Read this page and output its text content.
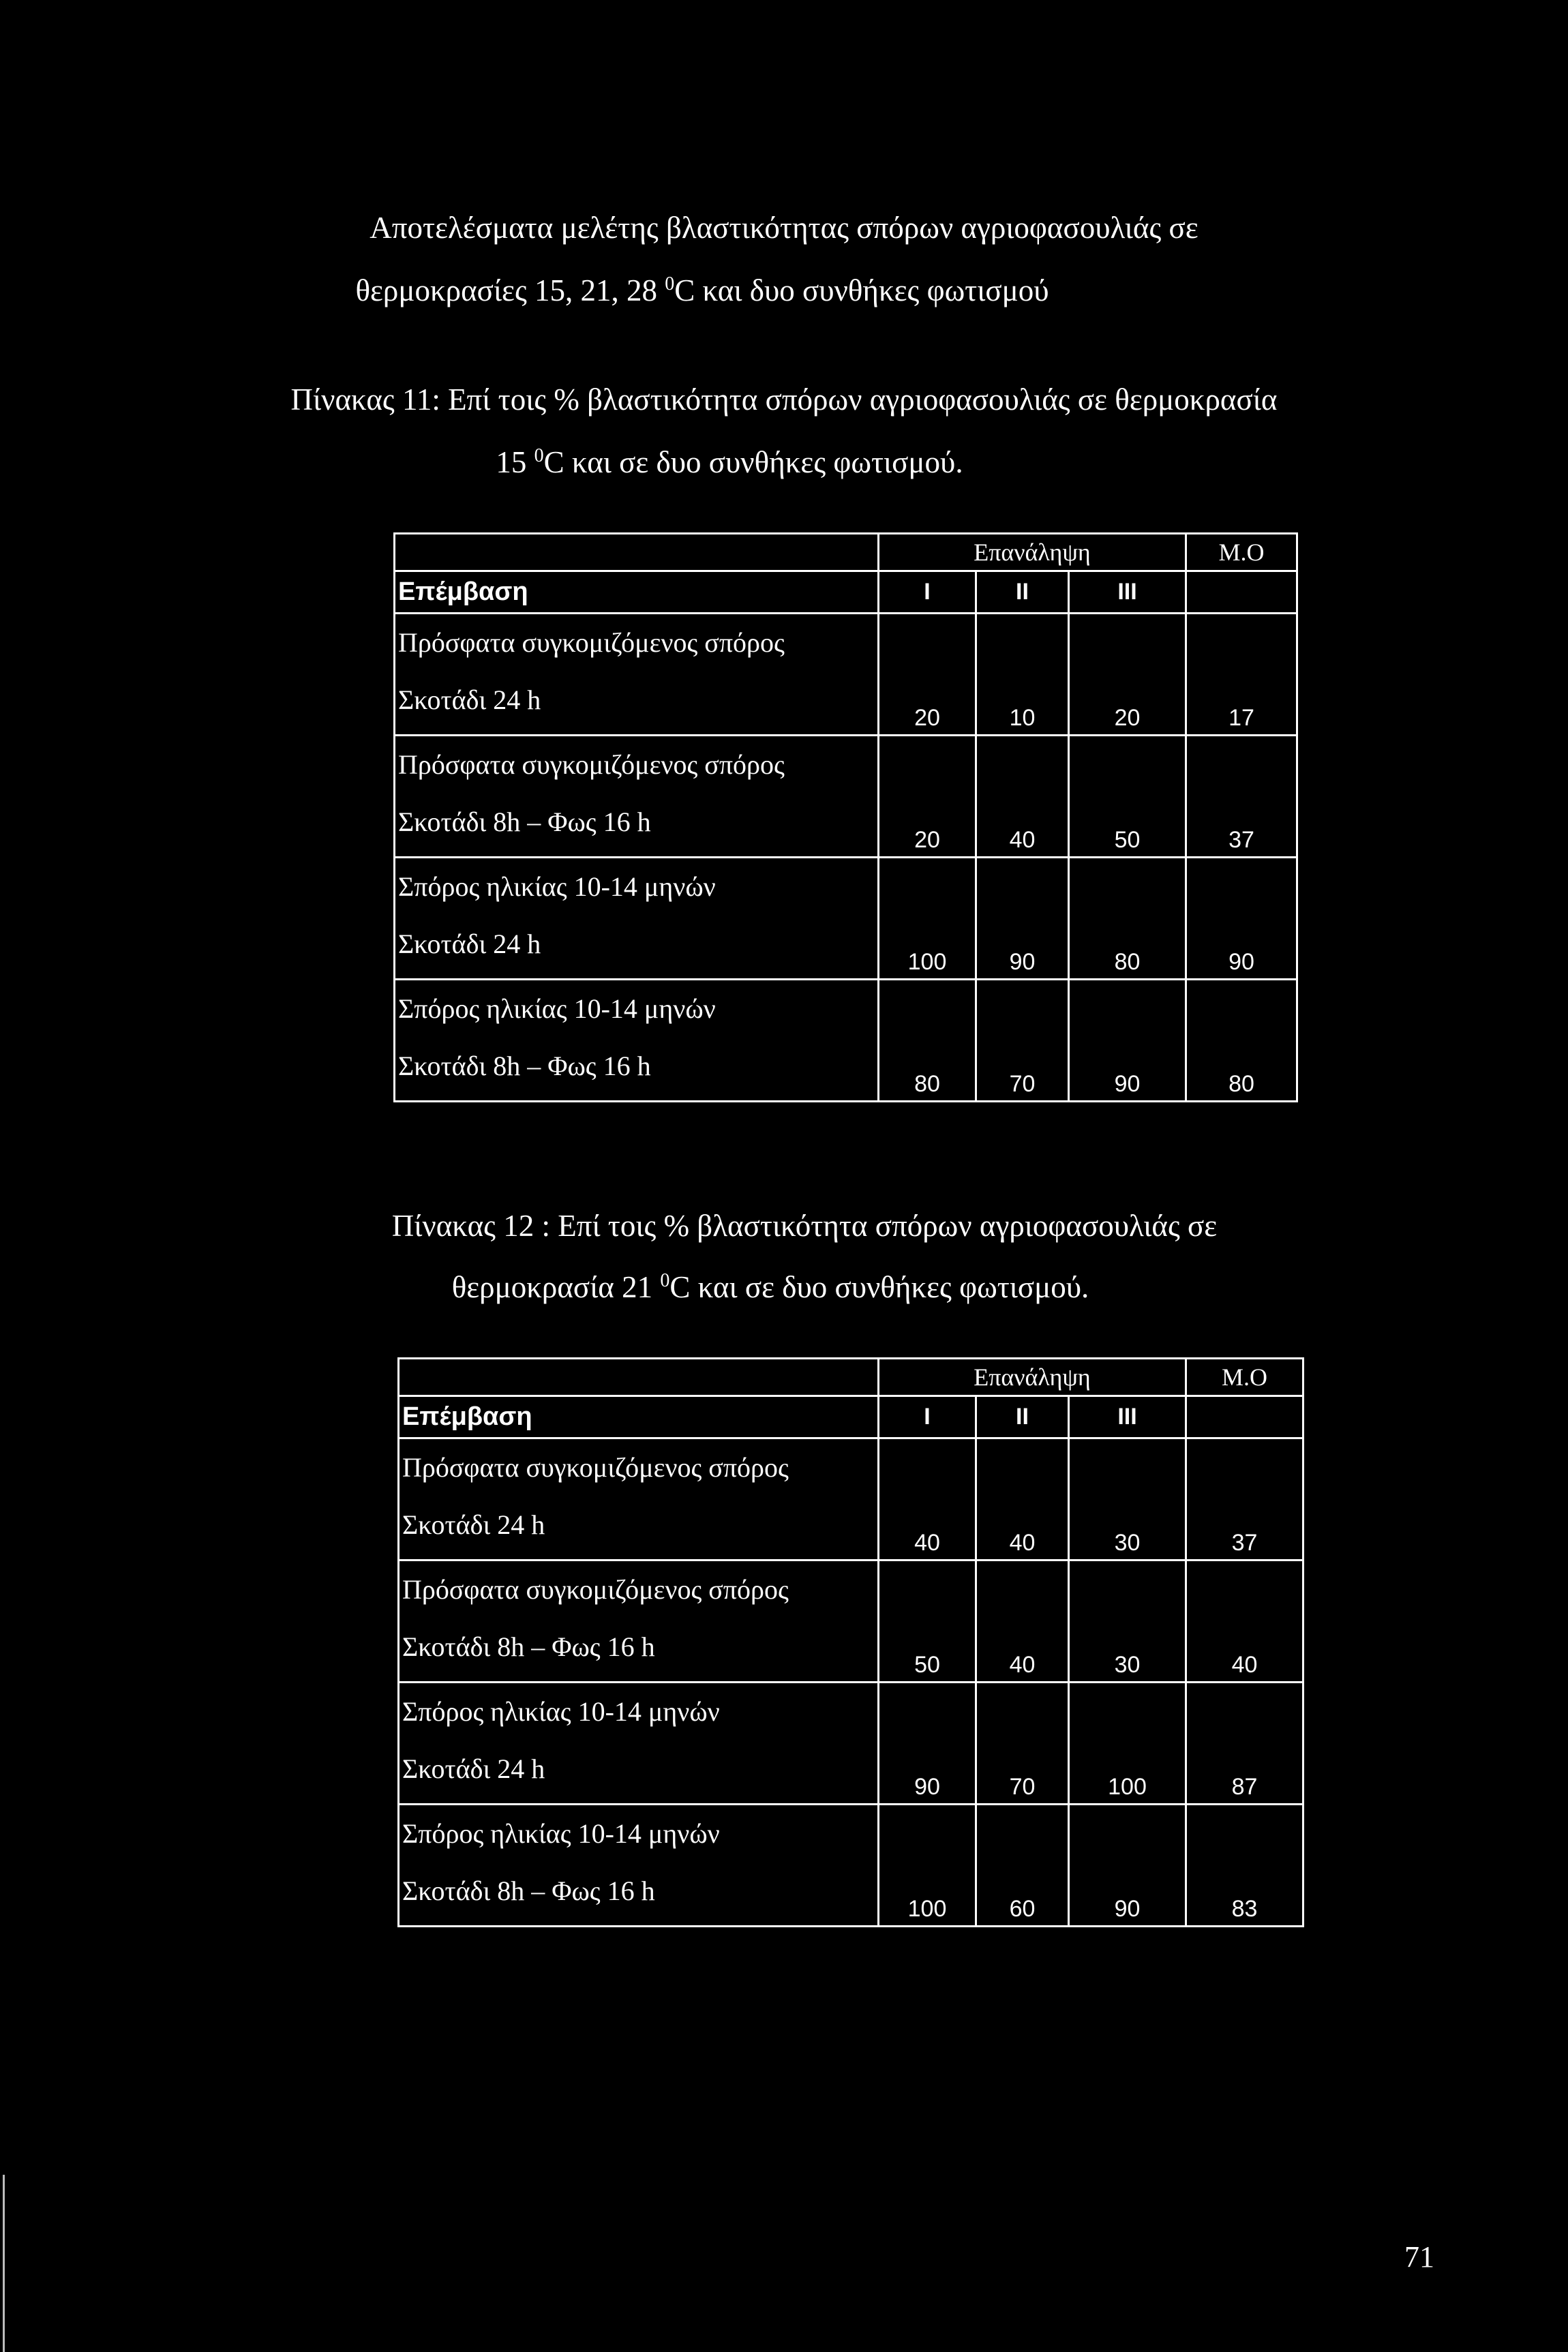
Αποτελέσματα μελέτης βλαστικότητας σπόρων αγριοφασουλιάς σε
θερμοκρασίες 15, 21, 28 $^0$C και δυο συνθήκες φωτισμού
Πίνακας 11: Επί τοις % βλαστικότητα σπόρων αγριοφασουλιάς σε θερμοκρασία
15 $^0$C και σε δυο συνθήκες φωτισμού.
	Επανάληψη			Μ.Ο
Επέμβαση	I	II	III	

Πρόσφατα συγκομιζόμενος σπόρος
Σκοτάδι 24 h	20	10	20	17

Πρόσφατα συγκομιζόμενος σπόρος
Σκοτάδι 8h – Φως 16 h	20	40	50	37

Σπόρος ηλικίας 10-14 μηνών
Σκοτάδι 24 h	100	90	80	90

Σπόρος ηλικίας 10-14 μηνών
Σκοτάδι 8h – Φως 16 h	80	70	90	80
Πίνακας 12 : Επί τοις % βλαστικότητα σπόρων αγριοφασουλιάς σε
θερμοκρασία 21 $^0$C και σε δυο συνθήκες φωτισμού.
	Επανάληψη			Μ.Ο
Επέμβαση	I	II	III	

Πρόσφατα συγκομιζόμενος σπόρος
Σκοτάδι 24 h	40	40	30	37

Πρόσφατα συγκομιζόμενος σπόρος
Σκοτάδι 8h – Φως 16 h	50	40	30	40

Σπόρος ηλικίας 10-14 μηνών
Σκοτάδι 24 h	90	70	100	87

Σπόρος ηλικίας 10-14 μηνών
Σκοτάδι 8h – Φως 16 h	100	60	90	83
71
